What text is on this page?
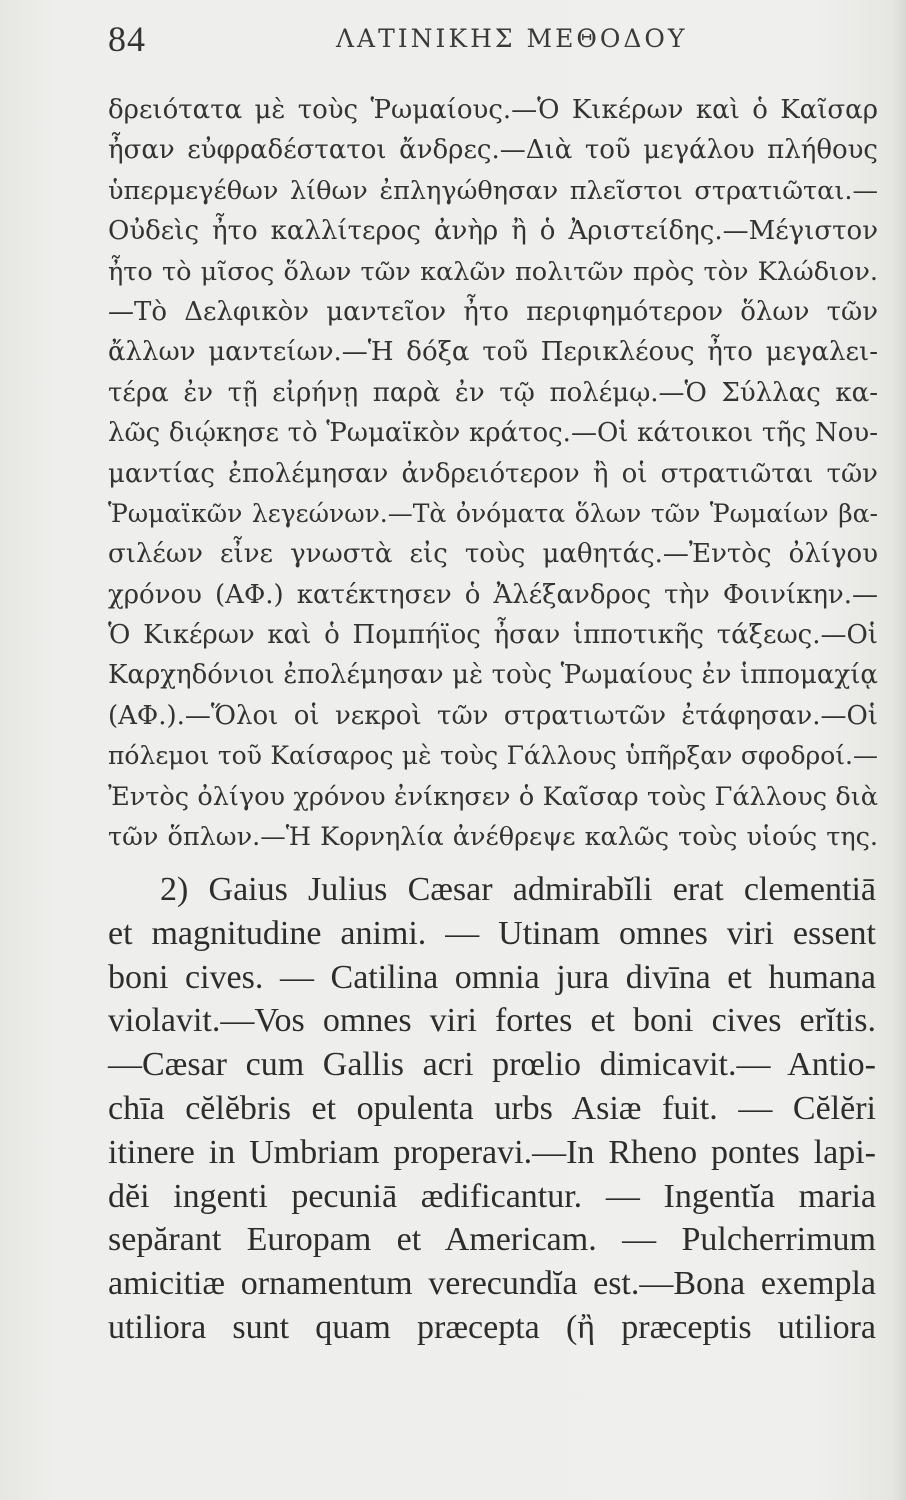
84	ΛΑΤΙΝΙΚΗΣ ΜΕΘΟΔΟΥ
δρειότατα μὲ τοὺς Ῥωμαίους.—Ὁ Κικέρων καὶ ὁ Καῖσαρ
ἦσαν εὐφραδέστατοι ἄνδρες.—Διὰ τοῦ μεγάλου πλήθους
ὑπερμεγέθων λίθων ἐπληγώθησαν πλεῖστοι στρατιῶται.—
Οὐδεὶς ἦτο καλλίτερος ἀνὴρ ἢ ὁ Ἀριστείδης.—Μέγιστον
ἦτο τὸ μῖσος ὅλων τῶν καλῶν πολιτῶν πρὸς τὸν Κλώδιον.
—Τὸ Δελφικὸν μαντεῖον ἦτο περιφημότερον ὅλων τῶν
ἄλλων μαντείων.—Ἡ δόξα τοῦ Περικλέους ἦτο μεγαλει-
τέρα ἐν τῇ εἰρήνῃ παρὰ ἐν τῷ πολέμῳ.—Ὁ Σύλλας κα-
λῶς διῴκησε τὸ Ῥωμαϊκὸν κράτος.—Οἱ κάτοικοι τῆς Νου-
μαντίας ἐπολέμησαν ἀνδρειότερον ἢ οἱ στρατιῶται τῶν
Ῥωμαϊκῶν λεγεώνων.—Τὰ ὀνόματα ὅλων τῶν Ῥωμαίων βα-
σιλέων εἶνε γνωστὰ εἰς τοὺς μαθητάς.—Ἐντὸς ὀλίγου
χρόνου (ΑΦ.) κατέκτησεν ὁ Ἀλέξανδρος τὴν Φοινίκην.—
Ὁ Κικέρων καὶ ὁ Πομπήϊος ἦσαν ἱπποτικῆς τάξεως.—Οἱ
Καρχηδόνιοι ἐπολέμησαν μὲ τοὺς Ῥωμαίους ἐν ἱππομαχίᾳ
(ΑΦ.).—Ὅλοι οἱ νεκροὶ τῶν στρατιωτῶν ἐτάφησαν.—Οἱ
πόλεμοι τοῦ Καίσαρος μὲ τοὺς Γάλλους ὑπῆρξαν σφοδροί.—
Ἐντὸς ὀλίγου χρόνου ἐνίκησεν ὁ Καῖσαρ τοὺς Γάλλους διὰ
τῶν ὅπλων.—Ἡ Κορνηλία ἀνέθρεψε καλῶς τοὺς υἱούς της.
2) Gaius Julius Cæsar admirabĭli erat clementiā
et magnitudine animi. — Utinam omnes viri essent
boni cives. — Catilina omnia jura divīna et humana
violavit.—Vos omnes viri fortes et boni cives erĭtis.
—Cæsar cum Gallis acri prœlio dimicavit.— Antio-
chīa cĕlĕbris et opulenta urbs Asiæ fuit. — Cĕlĕri
itinere in Umbriam properavi.—In Rheno pontes lapi-
dĕi ingenti pecuniā ædificantur. — Ingentĭa maria
sepărant Europam et Americam. — Pulcherrimum
amicitiæ ornamentum verecundĭa est.—Bona exempla
utiliora sunt quam præcepta (ἢ præceptis utiliora
